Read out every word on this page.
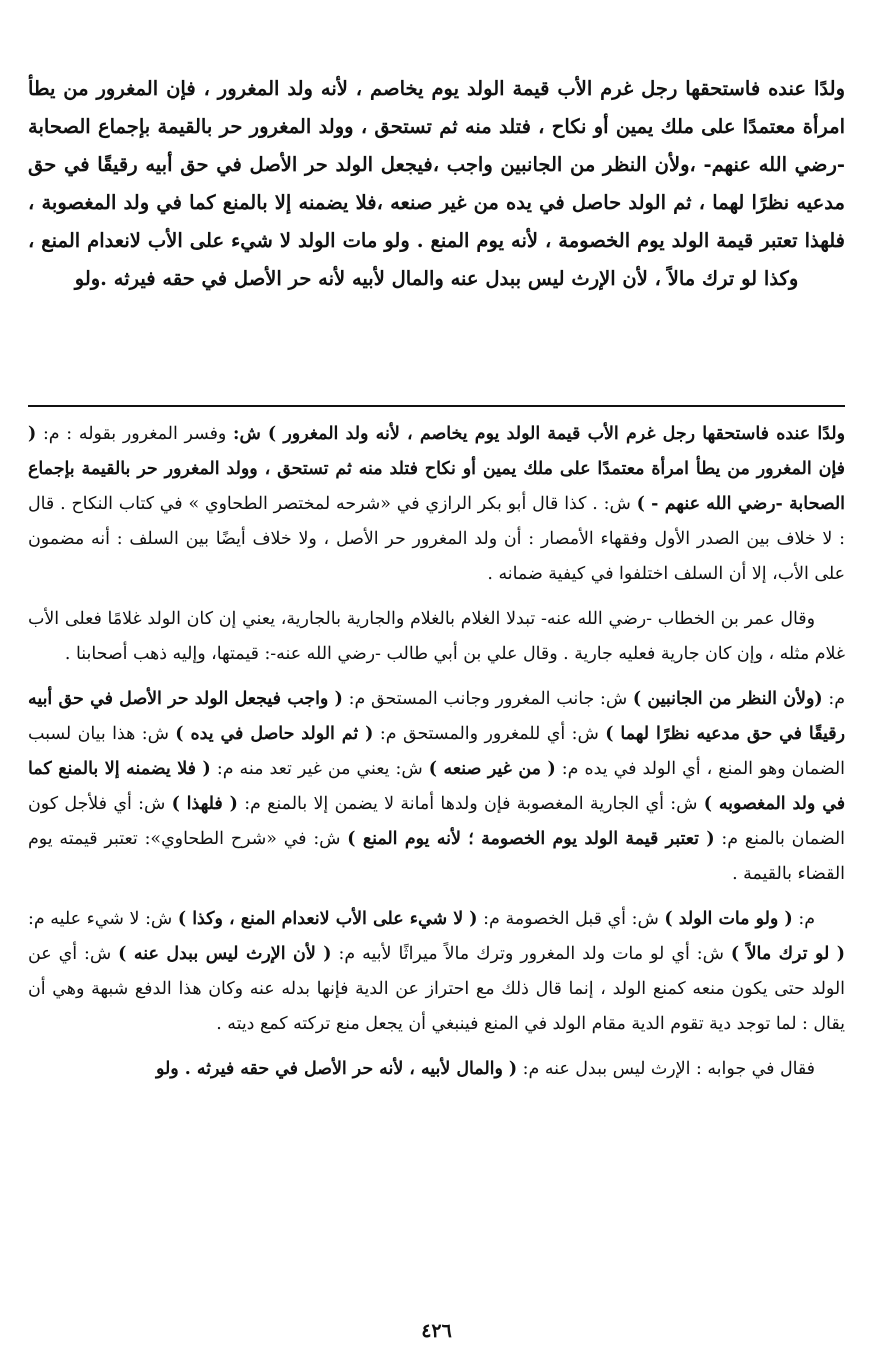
ولدًا عنده فاستحقها رجل غرم الأب قيمة الولد يوم يخاصم ، لأنه ولد المغرور ، فإن المغرور من يطأ امرأة معتمدًا على ملك يمين أو نكاح ، فتلد منه ثم تستحق ، وولد المغرور حر بالقيمة بإجماع الصحابة -رضي الله عنهم- ،ولأن النظر من الجانبين واجب ،فيجعل الولد حر الأصل في حق أبيه رقيقًا في حق مدعيه نظرًا لهما ، ثم الولد حاصل في يده من غير صنعه ،فلا يضمنه إلا بالمنع كما في ولد المغصوبة ، فلهذا تعتبر قيمة الولد يوم الخصومة ، لأنه يوم المنع . ولو مات الولد لا شيء على الأب لانعدام المنع ، وكذا لو ترك مالاً ، لأن الإرث ليس ببدل عنه والمال لأبيه لأنه حر الأصل في حقه فيرثه .ولو

ولدًا عنده فاستحقها رجل غرم الأب قيمة الولد يوم يخاصم ، لأنه ولد المغرور ) ش: وفسر المغرور بقوله : م: ( فإن المغرور من يطأ امرأة معتمدًا على ملك يمين أو نكاح فتلد منه ثم تستحق ، وولد المغرور حر بالقيمة بإجماع الصحابة -رضي الله عنهم - ) ش: . كذا قال أبو بكر الرازي في «شرحه لمختصر الطحاوي » في كتاب النكاح . قال : لا خلاف بين الصدر الأول وفقهاء الأمصار : أن ولد المغرور حر الأصل ، ولا خلاف أيضًا بين السلف : أنه مضمون على الأب، إلا أن السلف اختلفوا في كيفية ضمانه .

وقال عمر بن الخطاب -رضي الله عنه- تبدلا الغلام بالغلام والجارية بالجارية، يعني إن كان الولد غلامًا فعلى الأب غلام مثله ، وإن كان جارية فعليه جارية . وقال علي بن أبي طالب -رضي الله عنه-: قيمتها، وإليه ذهب أصحابنا .

م: (ولأن النظر من الجانبين ) ش: جانب المغرور وجانب المستحق م: ( واجب فيجعل الولد حر الأصل في حق أبيه رقيقًا في حق مدعيه نظرًا لهما ) ش: أي للمغرور والمستحق م: ( ثم الولد حاصل في يده ) ش: هذا بيان لسبب الضمان وهو المنع ، أي الولد في يده م: ( من غير صنعه ) ش: يعني من غير تعد منه م: ( فلا يضمنه إلا بالمنع كما في ولد المغصوبه ) ش: أي الجارية المغصوبة فإن ولدها أمانة لا يضمن إلا بالمنع م: ( فلهذا ) ش: أي فلأجل كون الضمان بالمنع م: ( تعتبر قيمة الولد يوم الخصومة ؛ لأنه يوم المنع ) ش: في «شرح الطحاوي»: تعتبر قيمته يوم القضاء بالقيمة .

م: ( ولو مات الولد ) ش: أي قبل الخصومة م: ( لا شيء على الأب لانعدام المنع ، وكذا ) ش: لا شيء عليه م: ( لو ترك مالاً ) ش: أي لو مات ولد المغرور وترك مالاً ميراثًا لأبيه م: ( لأن الإرث ليس ببدل عنه ) ش: أي عن الولد حتى يكون منعه كمنع الولد ، إنما قال ذلك مع احتراز عن الدية فإنها بدله عنه وكان هذا الدفع شبهة وهي أن يقال : لما توجد دية تقوم الدية مقام الولد في المنع فينبغي أن يجعل منع تركته كمع ديته .

فقال في جوابه : الإرث ليس ببدل عنه م: ( والمال لأبيه ، لأنه حر الأصل في حقه فيرثه . ولو

٤٢٦
